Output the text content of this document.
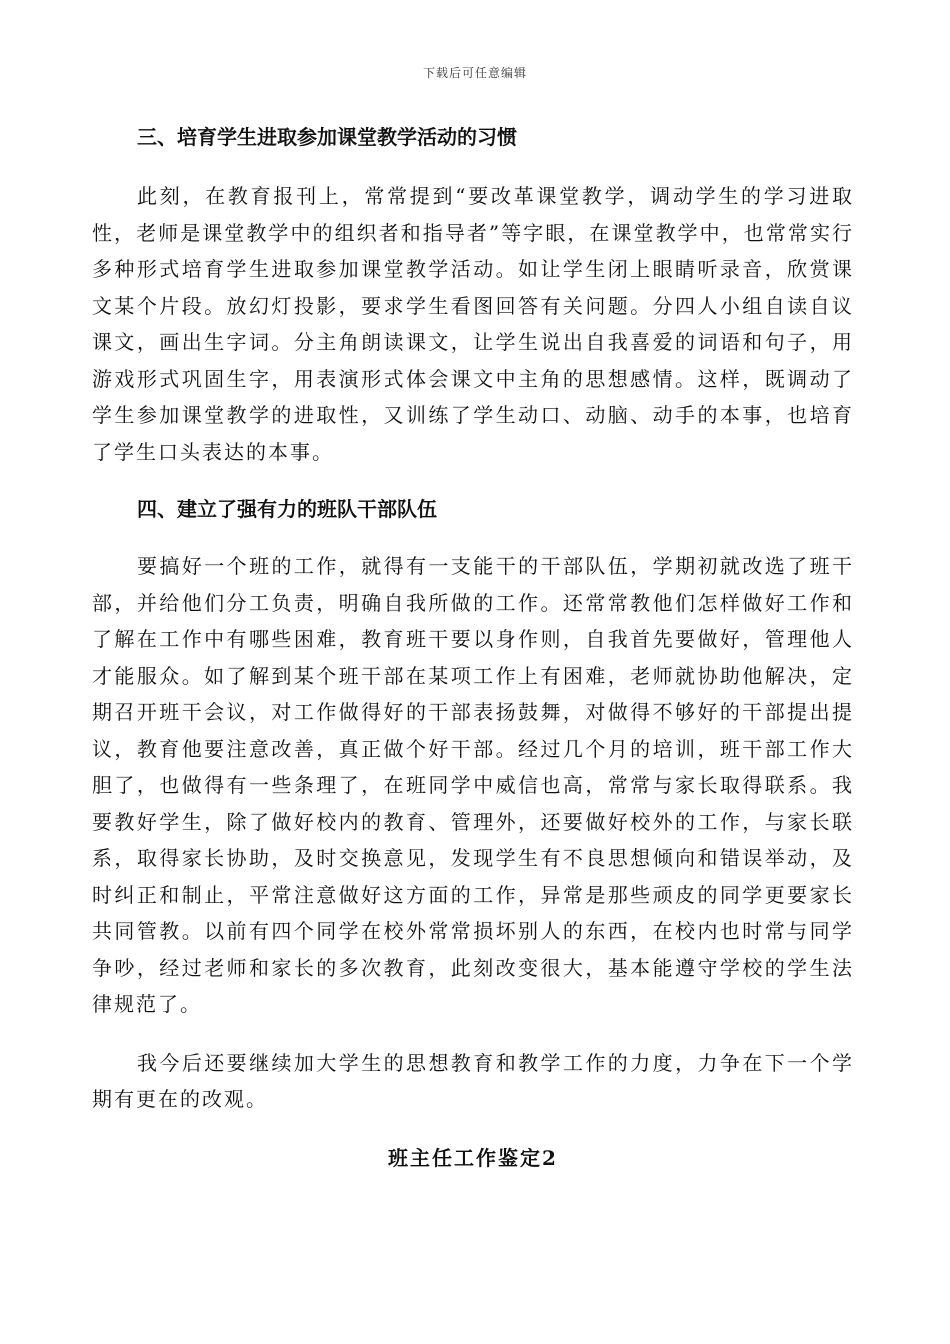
下载后可任意编辑

三、培育学生进取参加课堂教学活动的习惯

此刻，在教育报刊上，常常提到“要改革课堂教学，调动学生的学习进取性，老师是课堂教学中的组织者和指导者”等字眼，在课堂教学中，也常常实行多种形式培育学生进取参加课堂教学活动。如让学生闭上眼睛听录音，欣赏课文某个片段。放幻灯投影，要求学生看图回答有关问题。分四人小组自读自议课文，画出生字词。分主角朗读课文，让学生说出自我喜爱的词语和句子，用游戏形式巩固生字，用表演形式体会课文中主角的思想感情。这样，既调动了学生参加课堂教学的进取性，又训练了学生动口、动脑、动手的本事，也培育了学生口头表达的本事。

四、建立了强有力的班队干部队伍

要搞好一个班的工作，就得有一支能干的干部队伍，学期初就改选了班干部，并给他们分工负责，明确自我所做的工作。还常常教他们怎样做好工作和了解在工作中有哪些困难，教育班干要以身作则，自我首先要做好，管理他人才能服众。如了解到某个班干部在某项工作上有困难，老师就协助他解决，定期召开班干会议，对工作做得好的干部表扬鼓舞，对做得不够好的干部提出提议，教育他要注意改善，真正做个好干部。经过几个月的培训，班干部工作大胆了，也做得有一些条理了，在班同学中威信也高，常常与家长取得联系。我要教好学生，除了做好校内的教育、管理外，还要做好校外的工作，与家长联系，取得家长协助，及时交换意见，发现学生有不良思想倾向和错误举动，及时纠正和制止，平常注意做好这方面的工作，异常是那些顽皮的同学更要家长共同管教。以前有四个同学在校外常常损坏别人的东西，在校内也时常与同学争吵，经过老师和家长的多次教育，此刻改变很大，基本能遵守学校的学生法律规范了。

我今后还要继续加大学生的思想教育和教学工作的力度，力争在下一个学期有更在的改观。

班主任工作鉴定2
